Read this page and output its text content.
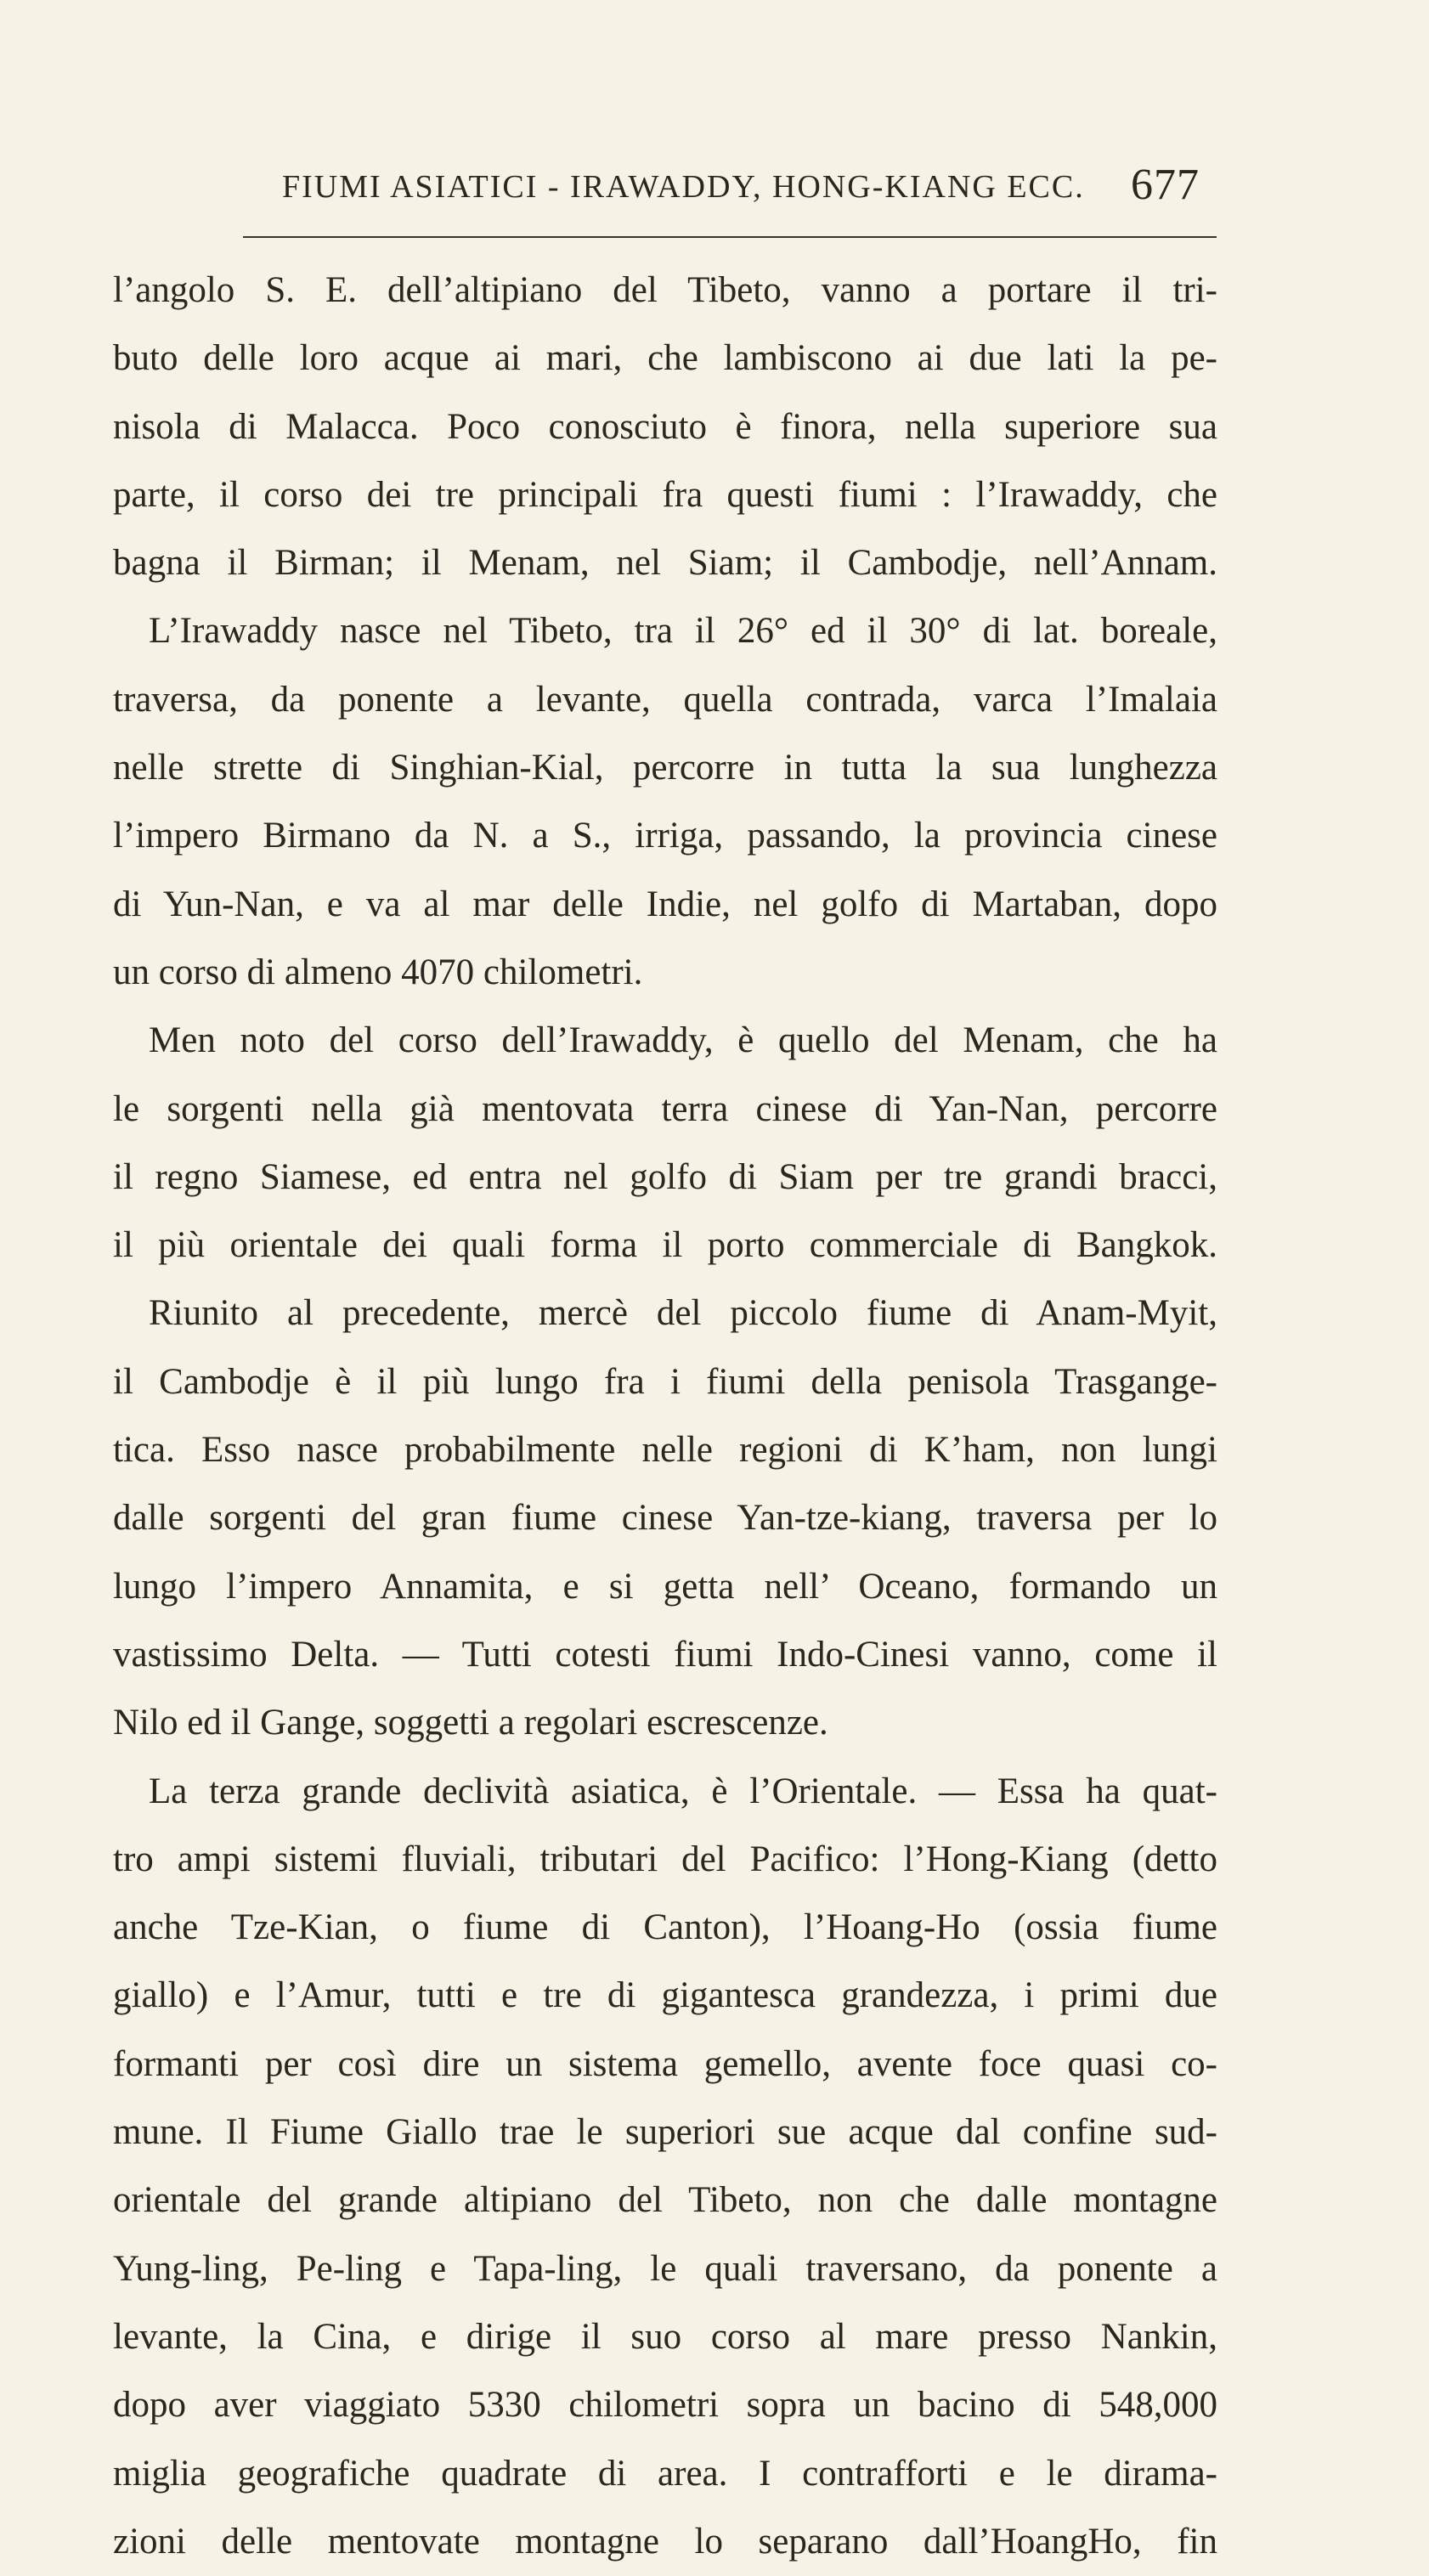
FIUMI ASIATICI - IRAWADDY, HONG-KIANG ECC. 677
l’angolo S. E. dell’altipiano del Tibeto, vanno a portare il tri-
buto delle loro acque ai mari, che lambiscono ai due lati la pe-
nisola di Malacca. Poco conosciuto è finora, nella superiore sua
parte, il corso dei tre principali fra questi fiumi : l’Irawaddy, che
bagna il Birman; il Menam, nel Siam; il Cambodje, nell’Annam.
L’Irawaddy nasce nel Tibeto, tra il 26° ed il 30° di lat. boreale,
traversa, da ponente a levante, quella contrada, varca l’Imalaia
nelle strette di Singhian-Kial, percorre in tutta la sua lunghezza
l’impero Birmano da N. a S., irriga, passando, la provincia cinese
di Yun-Nan, e va al mar delle Indie, nel golfo di Martaban, dopo
un corso di almeno 4070 chilometri.
Men noto del corso dell’Irawaddy, è quello del Menam, che ha
le sorgenti nella già mentovata terra cinese di Yan-Nan, percorre
il regno Siamese, ed entra nel golfo di Siam per tre grandi bracci,
il più orientale dei quali forma il porto commerciale di Bangkok.
Riunito al precedente, mercè del piccolo fiume di Anam-Myit,
il Cambodje è il più lungo fra i fiumi della penisola Trasgange-
tica. Esso nasce probabilmente nelle regioni di K’ham, non lungi
dalle sorgenti del gran fiume cinese Yan-tze-kiang, traversa per lo
lungo l’impero Annamita, e si getta nell’ Oceano, formando un
vastissimo Delta. — Tutti cotesti fiumi Indo-Cinesi vanno, come il
Nilo ed il Gange, soggetti a regolari escrescenze.
La terza grande declività asiatica, è l’Orientale. — Essa ha quat-
tro ampi sistemi fluviali, tributari del Pacifico: l’Hong-Kiang (detto
anche Tze-Kian, o fiume di Canton), l’Hoang-Ho (ossia fiume
giallo) e l’Amur, tutti e tre di gigantesca grandezza, i primi due
formanti per così dire un sistema gemello, avente foce quasi co-
mune. Il Fiume Giallo trae le superiori sue acque dal confine sud-
orientale del grande altipiano del Tibeto, non che dalle montagne
Yung-ling, Pe-ling e Tapa-ling, le quali traversano, da ponente a
levante, la Cina, e dirige il suo corso al mare presso Nankin,
dopo aver viaggiato 5330 chilometri sopra un bacino di 548,000
miglia geografiche quadrate di area. I contrafforti e le dirama-
zioni delle mentovate montagne lo separano dall’HoangHo, fin
